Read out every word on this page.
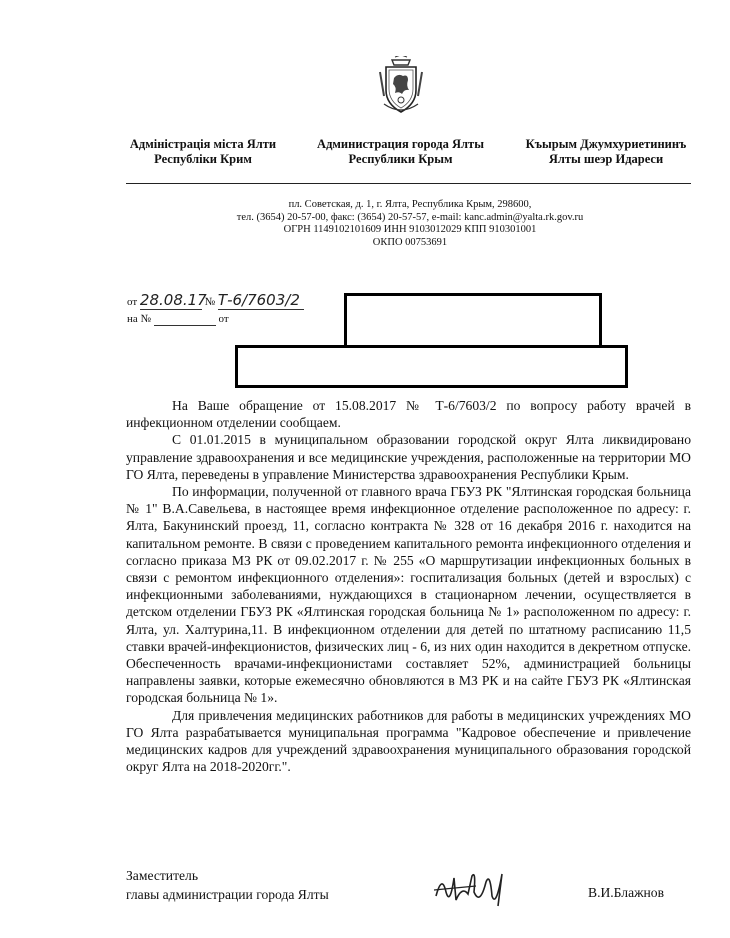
Адміністрація міста Ялти
Республіки Крим
Администрация города Ялты
Республики Крым
Къырым Джумхуриетининъ
Ялты шеэр Идареси
пл. Советская, д. 1, г. Ялта, Республика Крым, 298600,
тел. (3654) 20-57-00, факс: (3654) 20-57-57, e-mail: kanc.admin@yalta.rk.gov.ru
ОГРН 1149102101609 ИНН 9103012029 КПП 910301001
ОКПО 00753691
от 28.08.17 № Т-6/7603/2
на №	от

На Ваше обращение от 15.08.2017 № Т-6/7603/2 по вопросу работу врачей в инфекционном отделении сообщаем.

С 01.01.2015 в муниципальном образовании городской округ Ялта ликвидировано управление здравоохранения и все медицинские учреждения, расположенные на территории МО ГО Ялта, переведены в управление Министерства здравоохранения Республики Крым.

По информации, полученной от главного врача ГБУЗ РК "Ялтинская городская больница № 1" В.А.Савельева, в настоящее время инфекционное отделение расположенное по адресу: г. Ялта, Бакунинский проезд, 11, согласно контракта № 328 от 16 декабря 2016 г. находится на капитальном ремонте. В связи с проведением капитального ремонта инфекционного отделения и согласно приказа МЗ РК от 09.02.2017 г. № 255 «О маршрутизации инфекционных больных в связи с ремонтом инфекционного отделения»: госпитализация больных (детей и взрослых) с инфекционными заболеваниями, нуждающихся в стационарном лечении, осуществляется в детском отделении ГБУЗ РК «Ялтинская городская больница № 1» расположенном по адресу: г. Ялта, ул. Халтурина,11. В инфекционном отделении для детей по штатному расписанию 11,5 ставки врачей-инфекционистов, физических лиц - 6, из них один находится в декретном отпуске. Обеспеченность врачами-инфекционистами составляет 52%, администрацией больницы направлены заявки, которые ежемесячно обновляются в МЗ РК и на сайте ГБУЗ РК «Ялтинская городская больница № 1».

Для привлечения медицинских работников для работы в медицинских учреждениях МО ГО Ялта разрабатывается муниципальная программа "Кадровое обеспечение и привлечение медицинских кадров для учреждений здравоохранения муниципального образования городской округ Ялта на 2018-2020гг.".

Заместитель
главы администрации города Ялты	В.И.Блажнов
